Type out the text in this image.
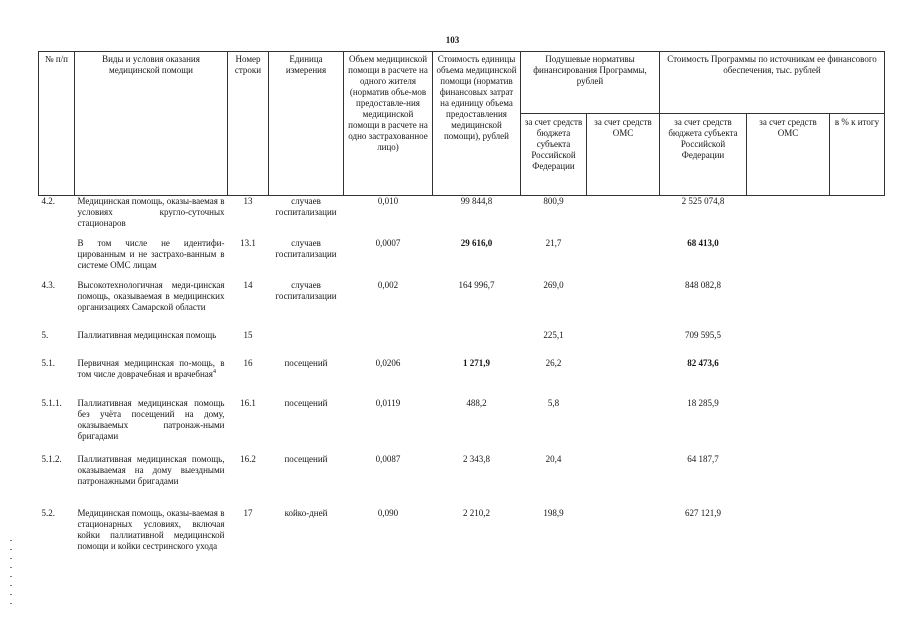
103
№ п/п	Виды и условия оказания медицинской помощи	Номер строки	Единица измерения	Объем медицинской помощи в расчете на одного жителя (норматив объе-мов предоставле-ния медицинской помощи в расчете на одно застрахованное лицо)	Стоимость единицы объема медицинской помощи (норматив финансовых затрат на единицу объема предоставления медицинской помощи), рублей	Подушевые нормативы финансирования Программы, рублей		Стоимость Программы по источникам ее финансового обеспечения, тыс. рублей		
						за счет средств бюджета субъекта Российской Федерации	за счет средств ОМС	за счет средств бюджета субъекта Российской Федерации	за счет средств ОМС	в % к итогу
4.2.	Медицинская помощь, оказы-ваемая в условиях кругло-суточных стационаров	13	случаев госпитализации	0,010	99 844,8	800,9		2 525 074,8		
	В том числе не идентифи-цированным и не застрахо-ванным в системе ОМС лицам	13.1	случаев госпитализации	0,0007	29 616,0	21,7		68 413,0		
4.3.	Высокотехнологичная меди-цинская помощь, оказываемая в медицинских организациях Самарской области	14	случаев госпитализации	0,002	164 996,7	269,0		848 082,8		
5.	Паллиативная медицинская помощь	15				225,1		709 595,5		
5.1.	Первичная медицинская по-мощь, в том числе доврачебная и врачебная$^4$	16	посещений	0,0206	1 271,9	26,2		82 473,6		
5.1.1.	Паллиативная медицинская помощь без учёта посещений на дому, оказываемых патронаж-ными бригадами	16.1	посещений	0,0119	488,2	5,8		18 285,9		
5.1.2.	Паллиативная медицинская помощь, оказываемая на дому выездными патронажными бригадами	16.2	посещений	0,0087	2 343,8	20,4		64 187,7		
5.2.	Медицинская помощь, оказы-ваемая в стационарных условиях, включая койки паллиативной медицинской помощи и койки сестринского ухода	17	койко-дней	0,090	2 210,2	198,9		627 121,9		
